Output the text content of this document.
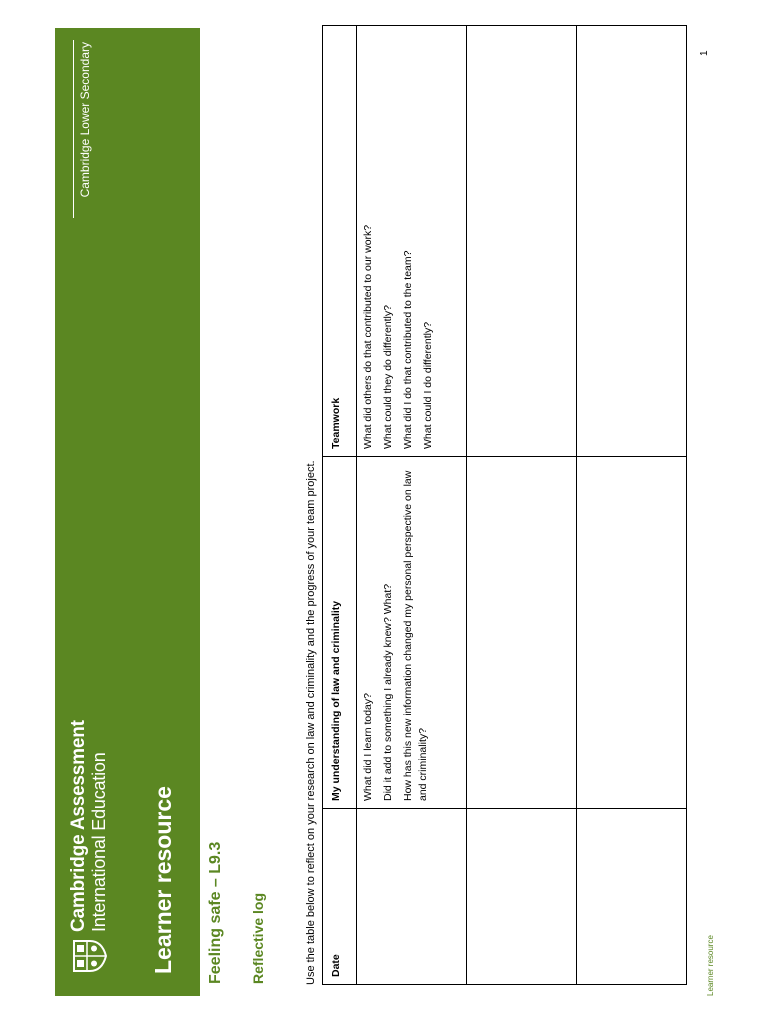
Cambridge Assessment International Education Learner resource
Cambridge Lower Secondary
Feeling safe – L9.3 Reflective log	Use the table below to reflect on your research on law and criminality and the progress of your team project. Date	My understanding of law and criminality	Teamwork

	What did I learn today? Did it add to something I already knew? What? How has this new information changed my personal perspective on law and criminality?	What did others do that contributed to our work? What could they do differently? What did I do that contributed to the team? What could I do differently?

Learner resource
1
